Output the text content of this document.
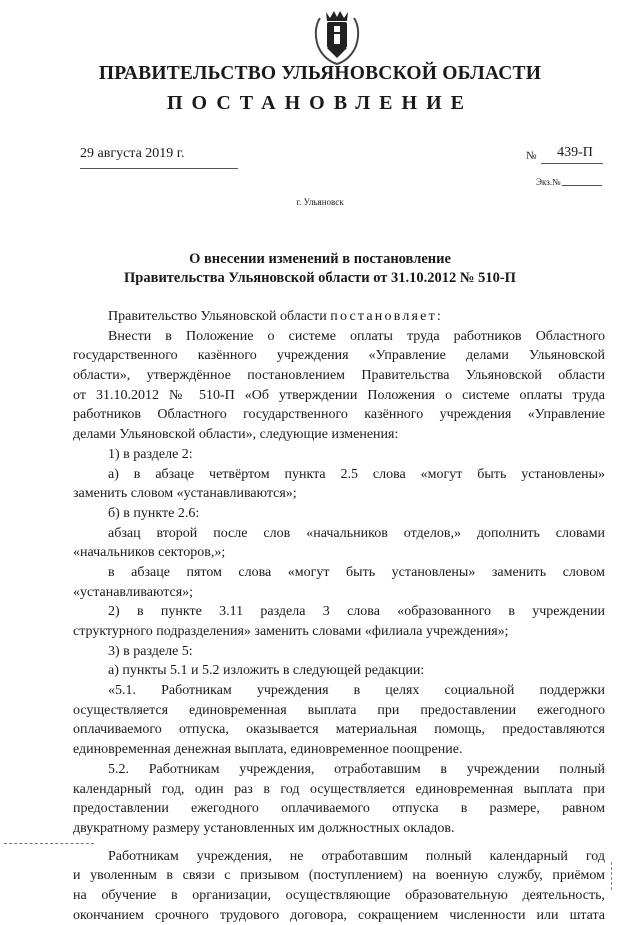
ПРАВИТЕЛЬСТВО УЛЬЯНОВСКОЙ ОБЛАСТИ
ПОСТАНОВЛЕНИЕ
29 августа 2019 г.	№	439-П
Экз.№
г. Ульяновск
О внесении изменений в постановление
Правительства Ульяновской области от 31.10.2012 № 510-П
Правительство Ульяновской области постановляет:
Внести в Положение о системе оплаты труда работников Областного
государственного казённого учреждения «Управление делами Ульяновской
области», утверждённое постановлением Правительства Ульяновской области
от 31.10.2012 № 510-П «Об утверждении Положения о системе оплаты труда
работников Областного государственного казённого учреждения «Управление
делами Ульяновской области», следующие изменения:
1) в разделе 2:
а) в абзаце четвёртом пункта 2.5 слова «могут быть установлены»
заменить словом «устанавливаются»;
б) в пункте 2.6:
абзац второй после слов «начальников отделов,» дополнить словами
«начальников секторов,»;
в абзаце пятом слова «могут быть установлены» заменить словом
«устанавливаются»;
2) в пункте 3.11 раздела 3 слова «образованного в учреждении
структурного подразделения» заменить словами «филиала учреждения»;
3) в разделе 5:
а) пункты 5.1 и 5.2 изложить в следующей редакции:
«5.1. Работникам учреждения в целях социальной поддержки
осуществляется единовременная выплата при предоставлении ежегодного
оплачиваемого отпуска, оказывается материальная помощь, предоставляются
единовременная денежная выплата, единовременное поощрение.
5.2. Работникам учреждения, отработавшим в учреждении полный
календарный год, один раз в год осуществляется единовременная выплата при
предоставлении ежегодного оплачиваемого отпуска в размере, равном
двукратному размеру установленных им должностных окладов.
Работникам учреждения, не отработавшим полный календарный год
и уволенным в связи с призывом (поступлением) на военную службу, приёмом
на обучение в организации, осуществляющие образовательную деятельность,
окончанием срочного трудового договора, сокращением численности или штата
